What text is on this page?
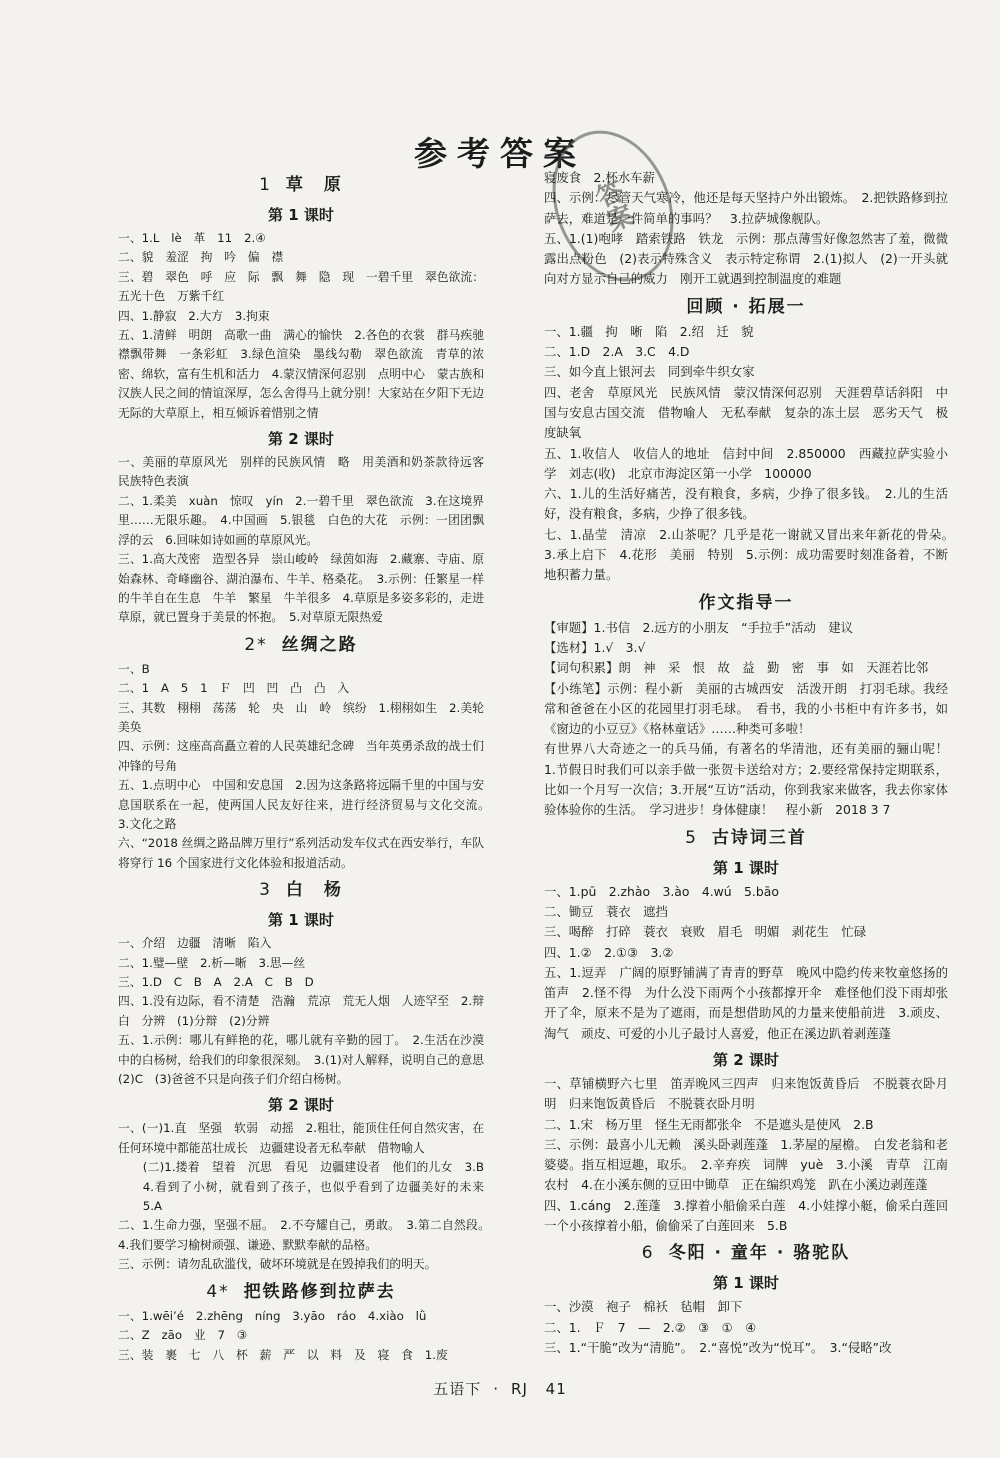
参考答案
答案
1 草　原
第 1 课时

一、1.L　lè　革　11　2.④

二、貌　羞涩　拘　吟　偏　襟

三、碧　翠色　呼　应　际　飘　舞　隐　现　一碧千里　翠色欲流：五光十色　万紫千红

四、1.静寂　2.大方　3.拘束

五、1.清鲜　明朗　高歌一曲　满心的愉快　2.各色的衣裳　群马疾驰　襟飘带舞　一条彩虹　3.绿色渲染　墨线勾勒　翠色欲流　青草的浓密、绵软，富有生机和活力　4.蒙汉情深何忍别　点明中心　蒙古族和汉族人民之间的情谊深厚，怎么舍得马上就分别！大家站在夕阳下无边无际的大草原上，相互倾诉着惜别之情

第 2 课时

一、美丽的草原风光　别样的民族风情　略　用美酒和奶茶款待远客　民族特色表演

二、1.柔美　xuàn　惊叹　yín　2.一碧千里　翠色欲流　3.在这境界里……无限乐趣。　4.中国画　5.银毯　白色的大花　示例：一团团飘浮的云　6.回味如诗如画的草原风光。

三、1.高大茂密　造型各异　崇山峻岭　绿茵如海　2.藏寨、寺庙、原始森林、奇峰幽谷、湖泊瀑布、牛羊、格桑花。　3.示例：任繁星一样的牛羊自在生息　牛羊　繁星　牛羊很多　4.草原是多姿多彩的，走进草原，就已置身于美景的怀抱。　5.对草原无限热爱

2* 丝绸之路

一、B

二、1　A　5　1　Ｆ　凹　凹　凸　凸　入

三、其数　栩栩　荡荡　轮　央　山　岭　缤纷　1.栩栩如生　2.美轮美奂

四、示例：这座高高矗立着的人民英雄纪念碑　当年英勇杀敌的战士们　冲锋的号角

五、1.点明中心　中国和安息国　2.因为这条路将远隔千里的中国与安息国联系在一起，使两国人民友好往来，进行经济贸易与文化交流。　3.文化之路

六、“2018 丝绸之路品牌万里行”系列活动发车仪式在西安举行，车队将穿行 16 个国家进行文化体验和报道活动。

3 白　杨
第 1 课时

一、介绍　边疆　清晰　陷入

二、1.璧—壁　2.析—晰　3.思—丝

三、1.D　C　B　A　2.A　C　B　D

四、1.没有边际，看不清楚　浩瀚　荒凉　荒无人烟　人迹罕至　2.辩白　分辨　(1)分辩　(2)分辨

五、1.示例：哪儿有鲜艳的花，哪儿就有辛勤的园丁。　2.生活在沙漠中的白杨树，给我们的印象很深刻。　3.(1)对人解释，说明自己的意思　(2)C　(3)爸爸不只是向孩子们介绍白杨树。

第 2 课时

一、(一)1.直　坚强　软弱　动摇　2.粗壮，能顶住任何自然灾害，在任何环境中都能茁壮成长　边疆建设者无私奉献　借物喻人

(二)1.搂着　望着　沉思　看见　边疆建设者　他们的儿女　3.B　4.看到了小树，就看到了孩子，也似乎看到了边疆美好的未来　5.A

二、1.生命力强，坚强不屈。　2.不夸耀自己，勇敢。　3.第二自然段。　4.我们要学习榆树顽强、谦逊、默默奉献的品格。

三、示例：请勿乱砍滥伐，破坏环境就是在毁掉我们的明天。

4* 把铁路修到拉萨去

一、1.wēi’é　2.zhēng　níng　3.yāo　ráo　4.xiào　lǜ

二、Z　zāo　业　7　③

三、装　裹　七　八　杯　薪　严　以　料　及　寝　食　1.废

寝废食　2.杯水车薪

四、示例：尽管天气寒冷，他还是每天坚持户外出锻炼。　2.把铁路修到拉萨去，难道是一件简单的事吗？　3.拉萨城像舰队。

五、1.(1)咆哮　踏索铁路　铁龙　示例：那点薄雪好像忽然害了羞，微微露出点粉色　(2)表示特殊含义　表示特定称谓　2.(1)拟人　(2)一开头就向对方显示自己的威力　刚开工就遇到控制温度的难题

回顾 · 拓展一

一、1.疆　拘　晰　陷　2.绍　迁　貌

二、1.D　2.A　3.C　4.D

三、如今直上银河去　同到牵牛织女家

四、老舍　草原风光　民族风情　蒙汉情深何忍别　天涯碧草话斜阳　中国与安息古国交流　借物喻人　无私奉献　复杂的冻土层　恶劣天气　极度缺氧

五、1.收信人　收信人的地址　信封中间　2.850000　西藏拉萨实验小学　刘志(收)　北京市海淀区第一小学　100000

六、1.儿的生活好痛苦，没有粮食，多病，少挣了很多钱。　2.儿的生活好，没有粮食，多病，少挣了很多钱。

七、1.晶莹　清凉　2.山茶呢？几乎是花一谢就又冒出来年新花的骨朵。　3.承上启下　4.花形　美丽　特别　5.示例：成功需要时刻准备着，不断地积蓄力量。

作文指导一

【审题】1.书信　2.远方的小朋友　“手拉手”活动　建议

【选材】1.√　3.√

【词句积累】朗　神　采　恨　故　益　勤　密　事　如　天涯若比邻

【小练笔】示例：程小新　美丽的古城西安　活泼开朗　打羽毛球。我经常和爸爸在小区的花园里打羽毛球。　看书，我的小书柜中有许多书，如《窗边的小豆豆》《格林童话》……种类可多啦！

有世界八大奇迹之一的兵马俑，有著名的华清池，还有美丽的骊山呢！　1.节假日时我们可以亲手做一张贺卡送给对方；2.要经常保持定期联系，比如一个月写一次信；3.开展“互访”活动，你到我家来做客，我去你家体验体验你的生活。　学习进步！身体健康！　程小新　2018 3 7

5 古诗词三首
第 1 课时

一、1.pū　2.zhào　3.ào　4.wú　5.bāo

二、锄豆　蓑衣　遮挡

三、喝醉　打碎　蓑衣　衰败　眉毛　明媚　剥花生　忙碌

四、1.②　2.①③　3.②

五、1.逗弄　广阔的原野铺满了青青的野草　晚风中隐约传来牧童悠扬的笛声　2.怪不得　为什么没下雨两个小孩都撑开伞　难怪他们没下雨却张开了伞，原来不是为了遮雨，而是想借助风的力量来使船前进　3.顽皮、淘气　顽皮、可爱的小儿子最讨人喜爱，他正在溪边趴着剥莲蓬

第 2 课时

一、草铺横野六七里　笛弄晚风三四声　归来饱饭黄昏后　不脱蓑衣卧月明　归来饱饭黄昏后　不脱蓑衣卧月明

二、1.宋　杨万里　怪生无雨都张伞　不是遮头是使风　2.B

三、示例：最喜小儿无赖　溪头卧剥莲蓬　1.茅屋的屋檐。　白发老翁和老婆婆。指互相逗趣，取乐。　2.辛弃疾　词牌　yuè　3.小溪　青草　江南农村　4.在小溪东侧的豆田中锄草　正在编织鸡笼　趴在小溪边剥莲蓬

四、1.cáng　2.莲蓬　3.撑着小船偷采白莲　4.小娃撑小艇，偷采白莲回　一个小孩撑着小船，偷偷采了白莲回来　5.B

6 冬阳 · 童年 · 骆驼队
第 1 课时

一、沙漠　袍子　棉袄　毡帽　卸下

二、1.　Ｆ　7　—　2.②　③　①　④

三、1.“干脆”改为“清脆”。　2.“喜悦”改为“悦耳”。　3.“侵略”改

五语下 · RJ 41
